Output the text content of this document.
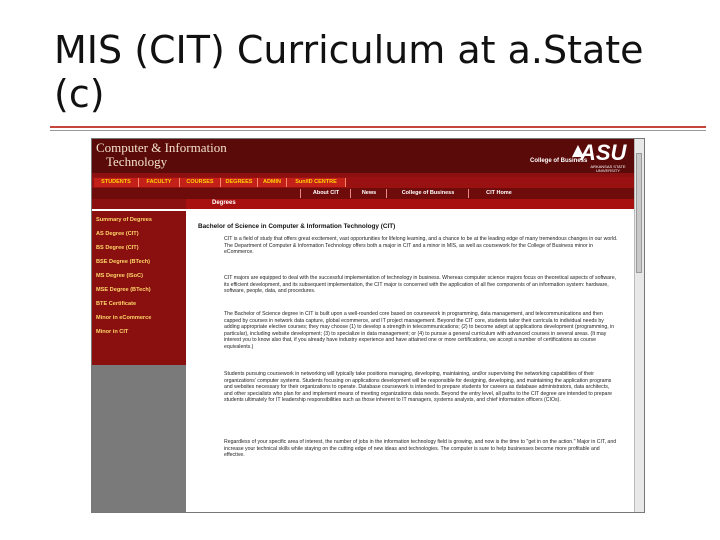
MIS (CIT) Curriculum at a.State (c)
Computer & Information
Technology	College of Business
ASU
ARKANSAS STATE UNIVERSITY
STUDENTS	FACULTY	COURSES	DEGREES	ADMIN	Sun/ID CENTRE
About CIT	News	College of Business	CIT Home
Degrees
Summary of Degrees
AS Degree (CIT)
BS Degree (CIT)
BSE Degree (BTech)
MS Degree (ISoC)
MSE Degree (BTech)
BTE Certificate
Minor in eCommerce
Minor in CIT
Bachelor of Science in Computer & Information Technology (CIT)
CIT is a field of study that offers great excitement, vast opportunities for lifelong learning, and a chance to be at the leading edge of many tremendous changes in our world. The Department of Computer & Information Technology offers both a major in CIT and a minor in MIS, as well as coursework for the College of Business minor in eCommerce.
CIT majors are equipped to deal with the successful implementation of technology in business. Whereas computer science majors focus on theoretical aspects of software, its efficient development, and its subsequent implementation, the CIT major is concerned with the application of all five components of an information system: hardware, software, people, data, and procedures.
The Bachelor of Science degree in CIT is built upon a well-rounded core based on coursework in programming, data management, and telecommunications and then capped by courses in network data capture, global ecommerce, and IT project management. Beyond the CIT core, students tailor their curricula to individual needs by adding appropriate elective courses; they may choose (1) to develop a strength in telecommunications; (2) to become adept at applications development (programming, in particular), including website development; (3) to specialize in data management; or (4) to pursue a general curriculum with advanced courses in several areas. (It may interest you to know also that, if you already have industry experience and have attained one or more certifications, we accept a number of certifications as course equivalents.)
Students pursuing coursework in networking will typically take positions managing, developing, maintaining, and/or supervising the networking capabilities of their organizations' computer systems. Students focusing on applications development will be responsible for designing, developing, and maintaining the application programs and websites necessary for their organizations to operate. Database coursework is intended to prepare students for careers as database administrators, data architects, and other specialists who plan for and implement means of meeting organizations data needs. Beyond the entry level, all paths to the CIT degree are intended to prepare students ultimately for IT leadership responsibilities such as those inherent to IT managers, systems analysts, and chief information officers (CIOs).
Regardless of your specific area of interest, the number of jobs in the information technology field is growing, and now is the time to "get in on the action." Major in CIT, and increase your technical skills while staying on the cutting edge of new ideas and technologies. The computer is sure to help businesses become more profitable and effective.
